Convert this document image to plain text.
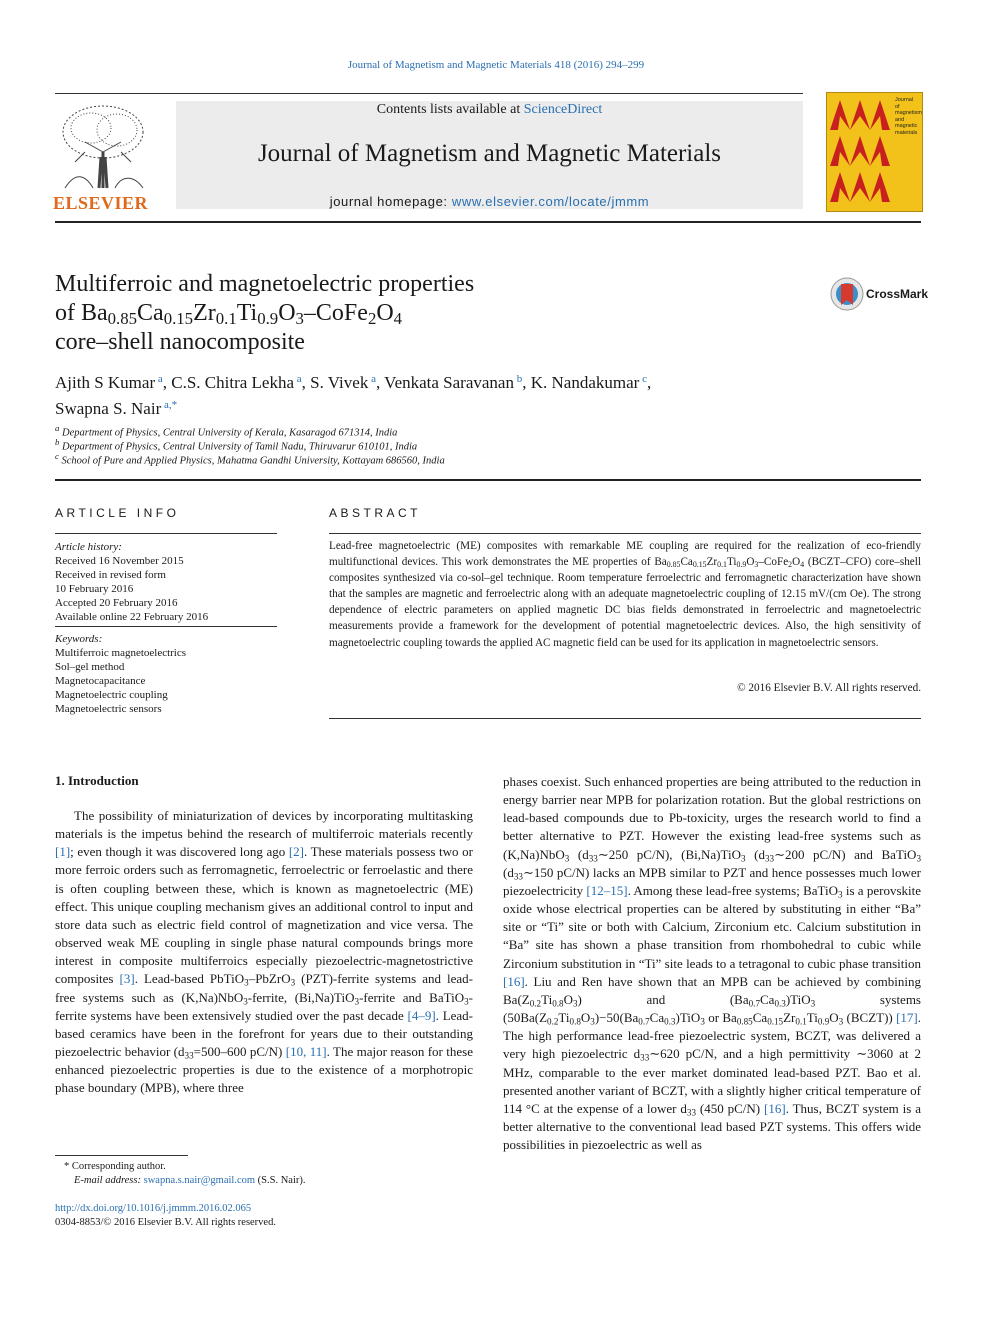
Journal of Magnetism and Magnetic Materials 418 (2016) 294–299
ELSEVIER
Contents lists available at ScienceDirect
Journal of Magnetism and Magnetic Materials
journal homepage: www.elsevier.com/locate/jmmm
Journal of magnetism and magnetic materials
Multiferroic and magnetoelectric properties
of $Ba_{0.85}Ca_{0.15}Zr_{0.1}Ti_{0.9}O_3-CoFe_2O_4$
core–shell nanocomposite
CrossMark
Ajith S Kumar $^a$, C.S. Chitra Lekha $^a$, S. Vivek $^a$, Venkata Saravanan $^b$, K. Nandakumar $^c$,
Swapna S. Nair $^{a,*}$
$^a$ Department of Physics, Central University of Kerala, Kasaragod 671314, India
$^b$ Department of Physics, Central University of Tamil Nadu, Thiruvarur 610101, India
$^c$ School of Pure and Applied Physics, Mahatma Gandhi University, Kottayam 686560, India
ARTICLE INFO
Article history:
Received 16 November 2015
Received in revised form
10 February 2016
Accepted 20 February 2016
Available online 22 February 2016
Keywords:
Multiferroic magnetoelectrics
Sol–gel method
Magnetocapacitance
Magnetoelectric coupling
Magnetoelectric sensors
ABSTRACT
Lead-free magnetoelectric (ME) composites with remarkable ME coupling are required for the realization of eco-friendly multifunctional devices. This work demonstrates the ME properties of $Ba_{0.85}Ca_{0.15}Zr_{0.1}Ti_{0.9}O_3-CoFe_2O_4$ (BCZT–CFO) core–shell composites synthesized via co-sol–gel technique. Room temperature ferroelectric and ferromagnetic characterization have shown that the samples are magnetic and ferroelectric along with an adequate magnetoelectric coupling of 12.15 mV/(cm Oe). The strong dependence of electric parameters on applied magnetic DC bias fields demonstrated in ferroelectric and magnetoelectric measurements provide a framework for the development of potential magnetoelectric devices. Also, the high sensitivity of magnetoelectric coupling towards the applied AC magnetic field can be used for its application in magnetoelectric sensors.
© 2016 Elsevier B.V. All rights reserved.
1. Introduction

The possibility of miniaturization of devices by incorporating multitasking materials is the impetus behind the research of multiferroic materials recently [1]; even though it was discovered long ago [2]. These materials possess two or more ferroic orders such as ferromagnetic, ferroelectric or ferroelastic and there is often coupling between these, which is known as magnetoelectric (ME) effect. This unique coupling mechanism gives an additional control to input and store data such as electric field control of magnetization and vice versa. The observed weak ME coupling in single phase natural compounds brings more interest in composite multiferroics especially piezoelectric-magnetostrictive composites [3]. Lead-based PbTiO$_3$–PbZrO$_3$ (PZT)-ferrite systems and lead-free systems such as (K,Na)NbO$_3$-ferrite, (Bi,Na)TiO$_3$-ferrite and BaTiO$_3$-ferrite systems have been extensively studied over the past decade [4–9]. Lead-based ceramics have been in the forefront for years due to their outstanding piezoelectric behavior ($d_{33}=500-600$ pC/N) [10, 11]. The major reason for these enhanced piezoelectric properties is due to the existence of a morphotropic phase boundary (MPB), where three

phases coexist. Such enhanced properties are being attributed to the reduction in energy barrier near MPB for polarization rotation. But the global restrictions on lead-based compounds due to Pb-toxicity, urges the research world to find a better alternative to PZT. However the existing lead-free systems such as (K,Na)NbO$_3$ ($d_{33}\sim 250$ pC/N), (Bi,Na)TiO$_3$ ($d_{33}\sim 200$ pC/N) and BaTiO$_3$ ($d_{33}\sim 150$ pC/N) lacks an MPB similar to PZT and hence possesses much lower piezoelectricity [12–15]. Among these lead-free systems; BaTiO$_3$ is a perovskite oxide whose electrical properties can be altered by substituting in either “Ba” site or “Ti” site or both with Calcium, Zirconium etc. Calcium substitution in “Ba” site has shown a phase transition from rhombohedral to cubic while Zirconium substitution in “Ti” site leads to a tetragonal to cubic phase transition [16]. Liu and Ren have shown that an MPB can be achieved by combining $Ba(Z_{0.2}Ti_{0.8}O_3)$ and $(Ba_{0.7}Ca_{0.3})TiO_3$ systems ($50Ba(Z_{0.2}Ti_{0.8}O_3)-50(Ba_{0.7}Ca_{0.3})TiO_3$ or $Ba_{0.85}Ca_{0.15}Zr_{0.1}Ti_{0.9}O_3$ (BCZT)) [17]. The high performance lead-free piezoelectric system, BCZT, was delivered a very high piezoelectric $d_{33}\sim 620$ pC/N, and a high permittivity ∼3060 at 2 MHz, comparable to the ever market dominated lead-based PZT. Bao et al. presented another variant of BCZT, with a slightly higher critical temperature of 114 °C at the expense of a lower $d_{33}$ (450 pC/N) [16]. Thus, BCZT system is a better alternative to the conventional lead based PZT systems. This offers wide possibilities in piezoelectric as well as

* Corresponding author.
E-mail address: swapna.s.nair@gmail.com (S.S. Nair).
http://dx.doi.org/10.1016/j.jmmm.2016.02.065
0304-8853/© 2016 Elsevier B.V. All rights reserved.
